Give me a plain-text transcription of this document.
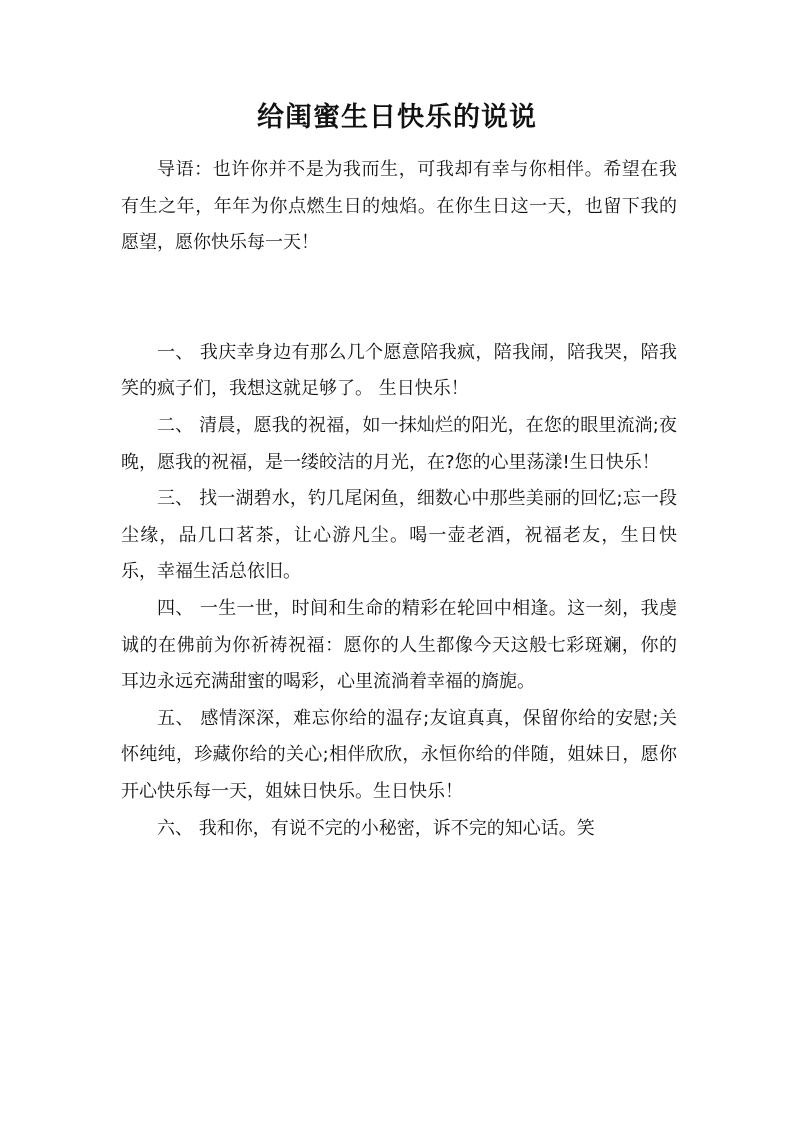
给闺蜜生日快乐的说说

导语：也许你并不是为我而生，可我却有幸与你相伴。希望在我有生之年，年年为你点燃生日的烛焰。在你生日这一天，也留下我的愿望，愿你快乐每一天！

一、 我庆幸身边有那么几个愿意陪我疯，陪我闹，陪我哭，陪我笑的疯子们，我想这就足够了。 生日快乐！

二、 清晨，愿我的祝福，如一抹灿烂的阳光，在您的眼里流淌;夜晚，愿我的祝福，是一缕皎洁的月光，在?您的心里荡漾!生日快乐！

三、 找一湖碧水，钓几尾闲鱼，细数心中那些美丽的回忆;忘一段尘缘，品几口茗茶，让心游凡尘。喝一壶老酒，祝福老友，生日快乐，幸福生活总依旧。

四、 一生一世，时间和生命的精彩在轮回中相逢。这一刻，我虔诚的在佛前为你祈祷祝福：愿你的人生都像今天这般七彩斑斓，你的耳边永远充满甜蜜的喝彩，心里流淌着幸福的旖旎。

五、 感情深深，难忘你给的温存;友谊真真，保留你给的安慰;关怀纯纯，珍藏你给的关心;相伴欣欣，永恒你给的伴随，姐妹日，愿你开心快乐每一天，姐妹日快乐。生日快乐！

六、 我和你，有说不完的小秘密，诉不完的知心话。笑
